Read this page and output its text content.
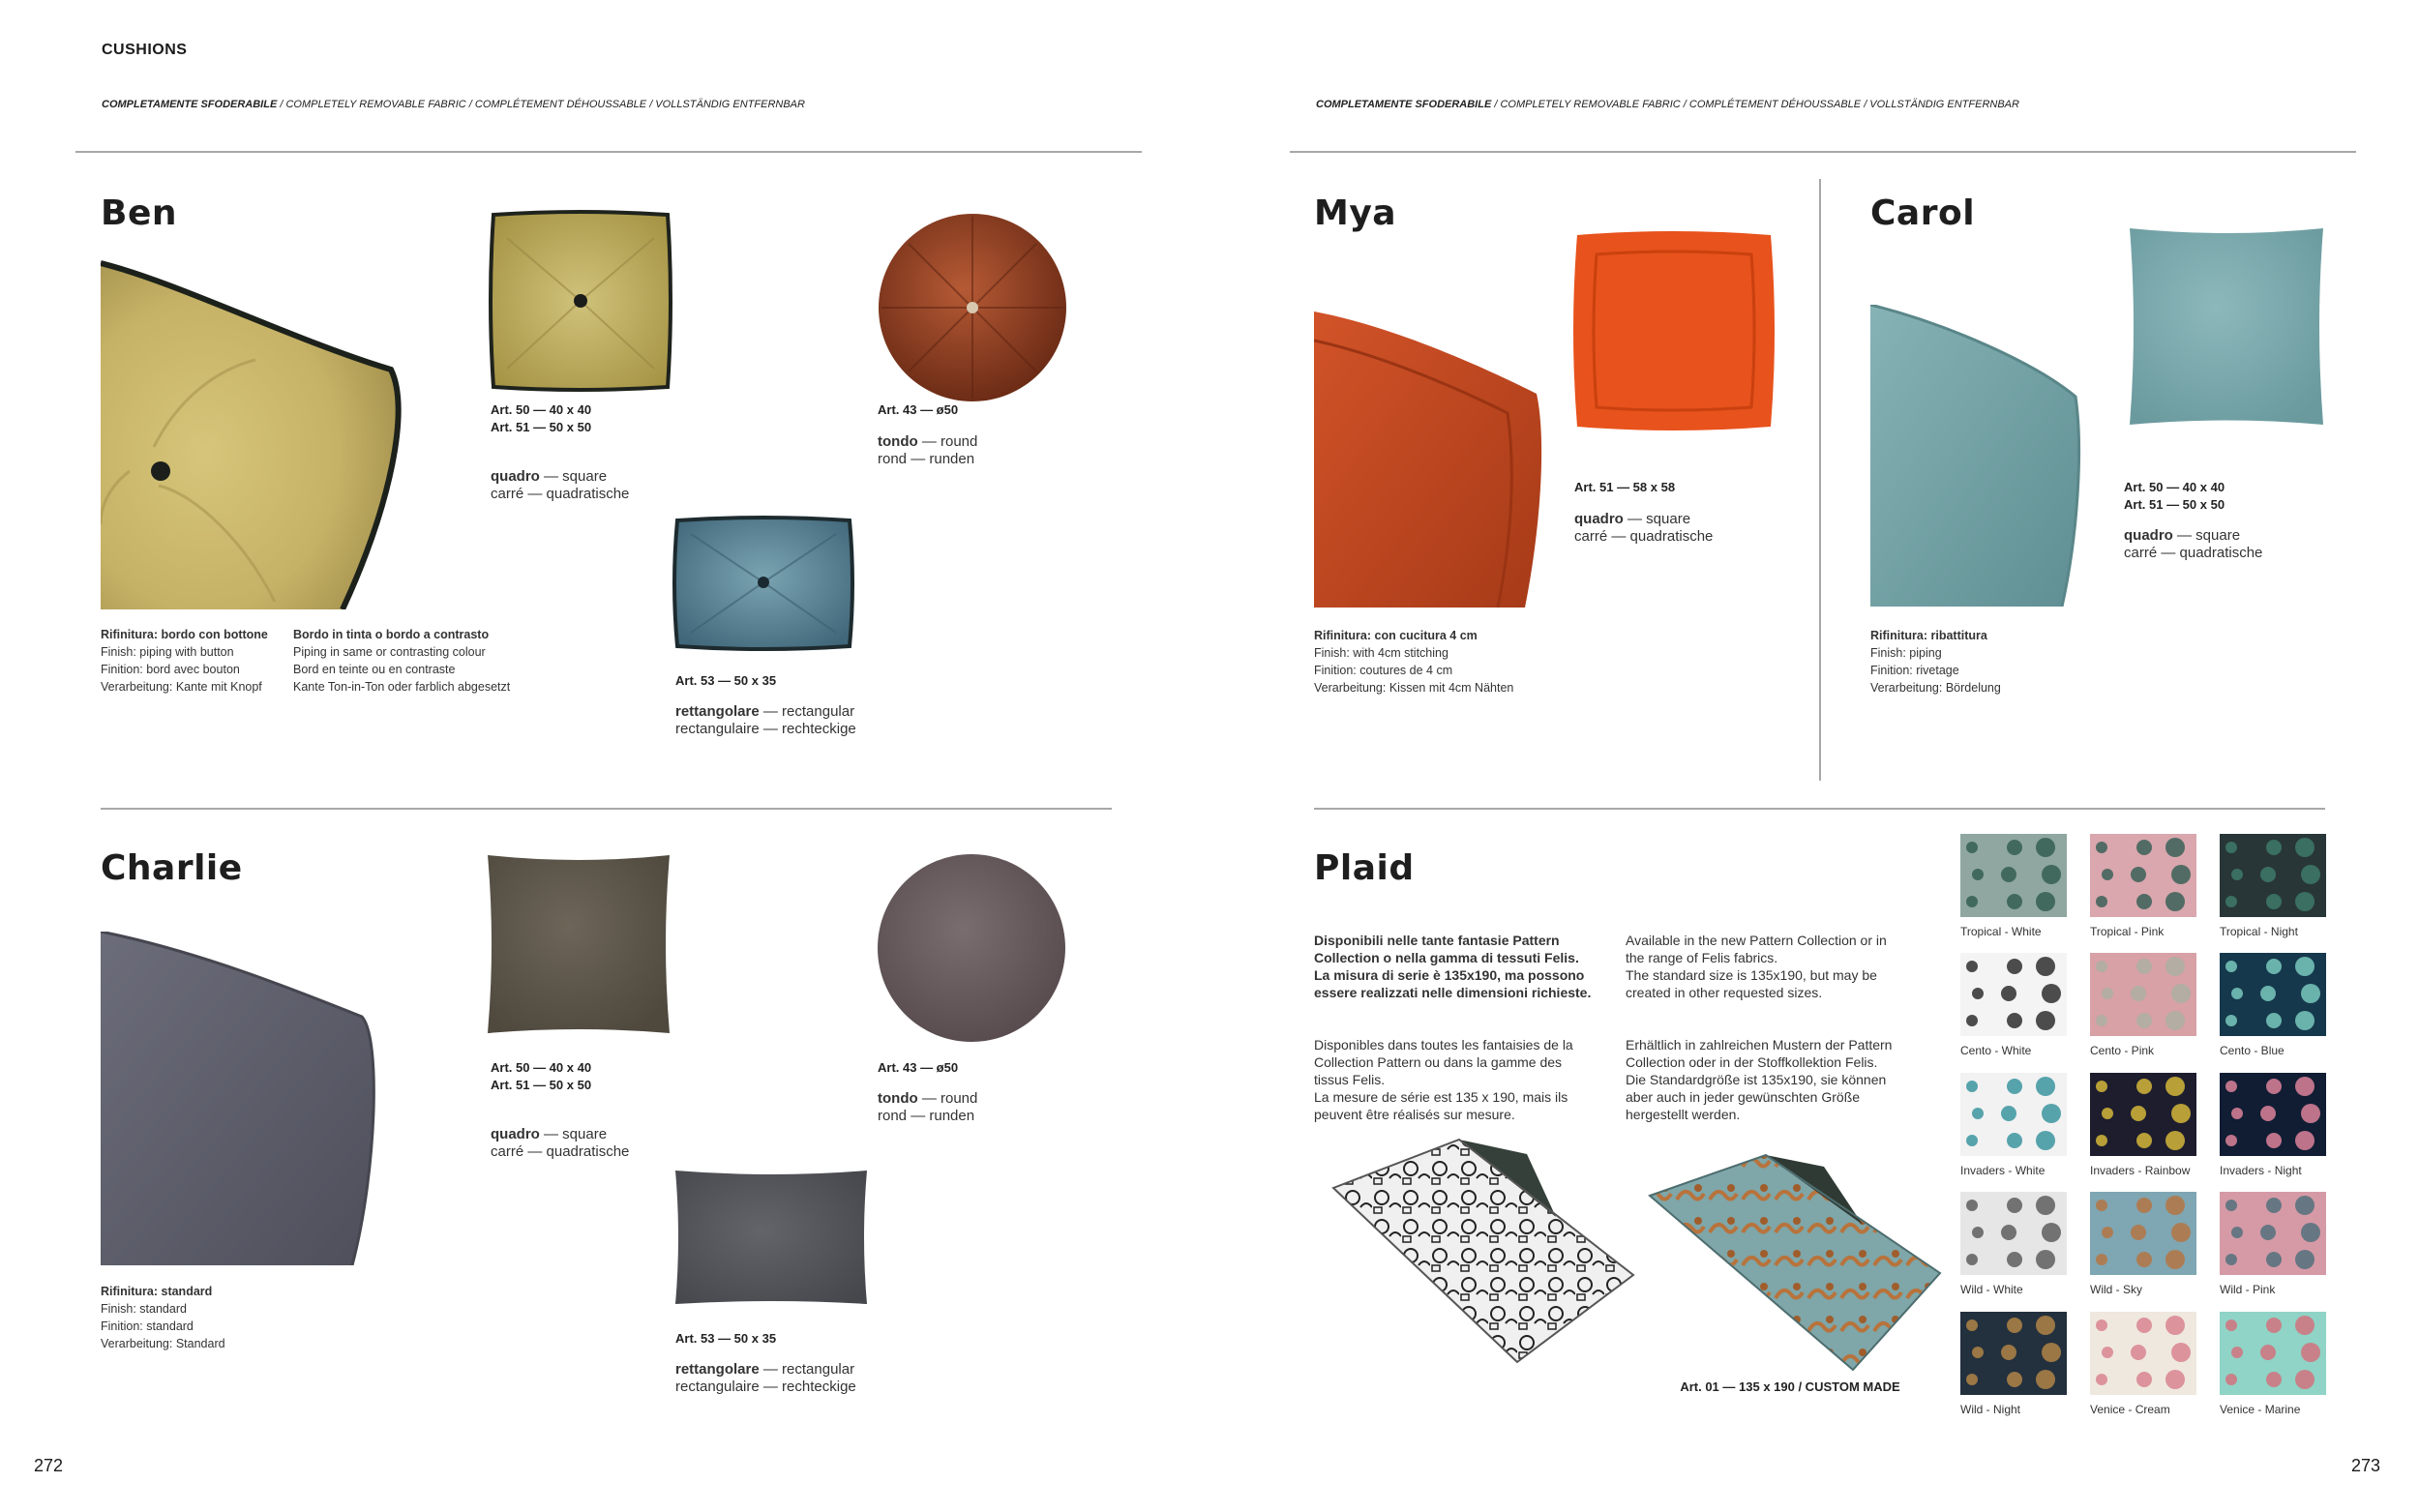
CUSHIONS
COMPLETAMENTE SFODERABILE / COMPLETELY REMOVABLE FABRIC / COMPLÉTEMENT DÉHOUSSABLE / VOLLSTÄNDIG ENTFERNBAR	COMPLETAMENTE SFODERABILE / COMPLETELY REMOVABLE FABRIC / COMPLÉTEMENT DÉHOUSSABLE / VOLLSTÄNDIG ENTFERNBAR
Ben
Art. 50 — 40 x 40
Art. 51 — 50 x 50
quadro — square
carré — quadratische
Art. 43 — ø50
tondo — round
rond — runden
Art. 53 — 50 x 35
rettangolare — rectangular
rectangulaire — rechteckige
Rifinitura: bordo con bottone
Finish: piping with button
Finition: bord avec bouton
Verarbeitung: Kante mit Knopf
Bordo in tinta o bordo a contrasto
Piping in same or contrasting colour
Bord en teinte ou en contraste
Kante Ton-in-Ton oder farblich abgesetzt
Charlie
Art. 50 — 40 x 40
Art. 51 — 50 x 50
quadro — square
carré — quadratische
Art. 43 — ø50
tondo — round
rond — runden
Art. 53 — 50 x 35
rettangolare — rectangular
rectangulaire — rechteckige
Rifinitura: standard
Finish: standard
Finition: standard
Verarbeitung: Standard
Mya
Art. 51 — 58 x 58
quadro — square
carré — quadratische
Rifinitura: con cucitura 4 cm
Finish: with 4cm stitching
Finition: coutures de 4 cm
Verarbeitung: Kissen mit 4cm Nähten
Carol
Art. 50 — 40 x 40
Art. 51 — 50 x 50
quadro — square
carré — quadratische
Rifinitura: ribattitura
Finish: piping
Finition: rivetage
Verarbeitung: Bördelung
Plaid
Disponibili nelle tante fantasie Pattern
Collection o nella gamma di tessuti Felis.
La misura di serie è 135x190, ma possono
essere realizzati nelle dimensioni richieste.
Available in the new Pattern Collection or in
the range of Felis fabrics.
The standard size is 135x190, but may be
created in other requested sizes.
Disponibles dans toutes les fantaisies de la
Collection Pattern ou dans la gamme des
tissus Felis.
La mesure de série est 135 x 190, mais ils
peuvent être réalisés sur mesure.
Erhältlich in zahlreichen Mustern der Pattern
Collection oder in der Stoffkollektion Felis.
Die Standardgröße ist 135x190, sie können
aber auch in jeder gewünschten Größe
hergestellt werden.
Art. 01 — 135 x 190 / CUSTOM MADE
Tropical - White	Tropical - Pink	Tropical - Night
Cento - White	Cento - Pink	Cento - Blue
Invaders - White	Invaders - Rainbow	Invaders - Night
Wild - White	Wild - Sky	Wild - Pink
Wild - Night	Venice - Cream	Venice - Marine
272	273
